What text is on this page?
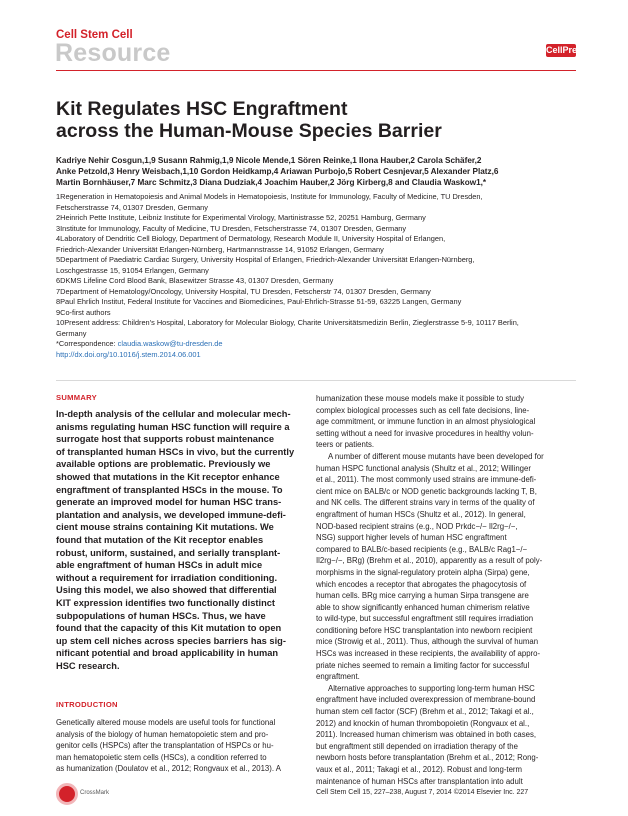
Cell Stem Cell
Resource	CellPress
Kit Regulates HSC Engraftment
across the Human-Mouse Species Barrier
Kadriye Nehir Cosgun,1,9 Susann Rahmig,1,9 Nicole Mende,1 Sören Reinke,1 Ilona Hauber,2 Carola Schäfer,2
Anke Petzold,3 Henry Weisbach,1,10 Gordon Heidkamp,4 Ariawan Purbojo,5 Robert Cesnjevar,5 Alexander Platz,6
Martin Bornhäuser,7 Marc Schmitz,3 Diana Dudziak,4 Joachim Hauber,2 Jörg Kirberg,8 and Claudia Waskow1,*
1Regeneration in Hematopoiesis and Animal Models in Hematopoiesis, Institute for Immunology, Faculty of Medicine, TU Dresden,
Fetscherstrasse 74, 01307 Dresden, Germany
2Heinrich Pette Institute, Leibniz Institute for Experimental Virology, Martinistrasse 52, 20251 Hamburg, Germany
3Institute for Immunology, Faculty of Medicine, TU Dresden, Fetscherstrasse 74, 01307 Dresden, Germany
4Laboratory of Dendritic Cell Biology, Department of Dermatology, Research Module II, University Hospital of Erlangen,
Friedrich-Alexander Universität Erlangen-Nürnberg, Hartmannstrasse 14, 91052 Erlangen, Germany
5Department of Paediatric Cardiac Surgery, University Hospital of Erlangen, Friedrich-Alexander Universität Erlangen-Nürnberg,
Loschgestrasse 15, 91054 Erlangen, Germany
6DKMS Lifeline Cord Blood Bank, Blasewitzer Strasse 43, 01307 Dresden, Germany
7Department of Hematology/Oncology, University Hospital, TU Dresden, Fetscherstr 74, 01307 Dresden, Germany
8Paul Ehrlich Institut, Federal Institute for Vaccines and Biomedicines, Paul-Ehrlich-Strasse 51-59, 63225 Langen, Germany
9Co-first authors
10Present address: Children's Hospital, Laboratory for Molecular Biology, Charite Universitätsmedizin Berlin, Zieglerstrasse 5-9, 10117 Berlin,
Germany
*Correspondence: claudia.waskow@tu-dresden.de
http://dx.doi.org/10.1016/j.stem.2014.06.001
SUMMARY
In-depth analysis of the cellular and molecular mech-
anisms regulating human HSC function will require a
surrogate host that supports robust maintenance
of transplanted human HSCs in vivo, but the currently
available options are problematic. Previously we
showed that mutations in the Kit receptor enhance
engraftment of transplanted HSCs in the mouse. To
generate an improved model for human HSC trans-
plantation and analysis, we developed immune-defi-
cient mouse strains containing Kit mutations. We
found that mutation of the Kit receptor enables
robust, uniform, sustained, and serially transplant-
able engraftment of human HSCs in adult mice
without a requirement for irradiation conditioning.
Using this model, we also showed that differential
KIT expression identifies two functionally distinct
subpopulations of human HSCs. Thus, we have
found that the capacity of this Kit mutation to open
up stem cell niches across species barriers has sig-
nificant potential and broad applicability in human
HSC research.
INTRODUCTION
Genetically altered mouse models are useful tools for functional
analysis of the biology of human hematopoietic stem and pro-
genitor cells (HSPCs) after the transplantation of HSPCs or hu-
man hematopoietic stem cells (HSCs), a condition referred to
as humanization (Doulatov et al., 2012; Rongvaux et al., 2013). A
humanization these mouse models make it possible to study
complex biological processes such as cell fate decisions, line-
age commitment, or immune function in an almost physiological
setting without a need for invasive procedures in healthy volun-
teers or patients.
A number of different mouse mutants have been developed for
human HSPC functional analysis (Shultz et al., 2012; Willinger
et al., 2011). The most commonly used strains are immune-defi-
cient mice on BALB/c or NOD genetic backgrounds lacking T, B,
and NK cells. The different strains vary in terms of the quality of
engraftment of human HSCs (Shultz et al., 2012). In general,
NOD-based recipient strains (e.g., NOD Prkdc−/− Il2rg−/−,
NSG) support higher levels of human HSC engraftment
compared to BALB/c-based recipients (e.g., BALB/c Rag1−/−
Il2rg−/−, BRg) (Brehm et al., 2010), apparently as a result of poly-
morphisms in the signal-regulatory protein alpha (Sirpa) gene,
which encodes a receptor that abrogates the phagocytosis of
human cells. BRg mice carrying a human Sirpa transgene are
able to show significantly enhanced human chimerism relative
to wild-type, but successful engraftment still requires irradiation
conditioning before HSC transplantation into newborn recipient
mice (Strowig et al., 2011). Thus, although the survival of human
HSCs was increased in these recipients, the availability of appro-
priate niches seemed to remain a limiting factor for successful
engraftment.
Alternative approaches to supporting long-term human HSC
engraftment have included overexpression of membrane-bound
human stem cell factor (SCF) (Brehm et al., 2012; Takagi et al.,
2012) and knockin of human thrombopoietin (Rongvaux et al.,
2011). Increased human chimerism was obtained in both cases,
but engraftment still depended on irradiation therapy of the
newborn hosts before transplantation (Brehm et al., 2012; Rong-
vaux et al., 2011; Takagi et al., 2012). Robust and long-term
maintenance of human HSCs after transplantation into adult
CrossMark	Cell Stem Cell 15, 227–238, August 7, 2014 ©2014 Elsevier Inc. 227
